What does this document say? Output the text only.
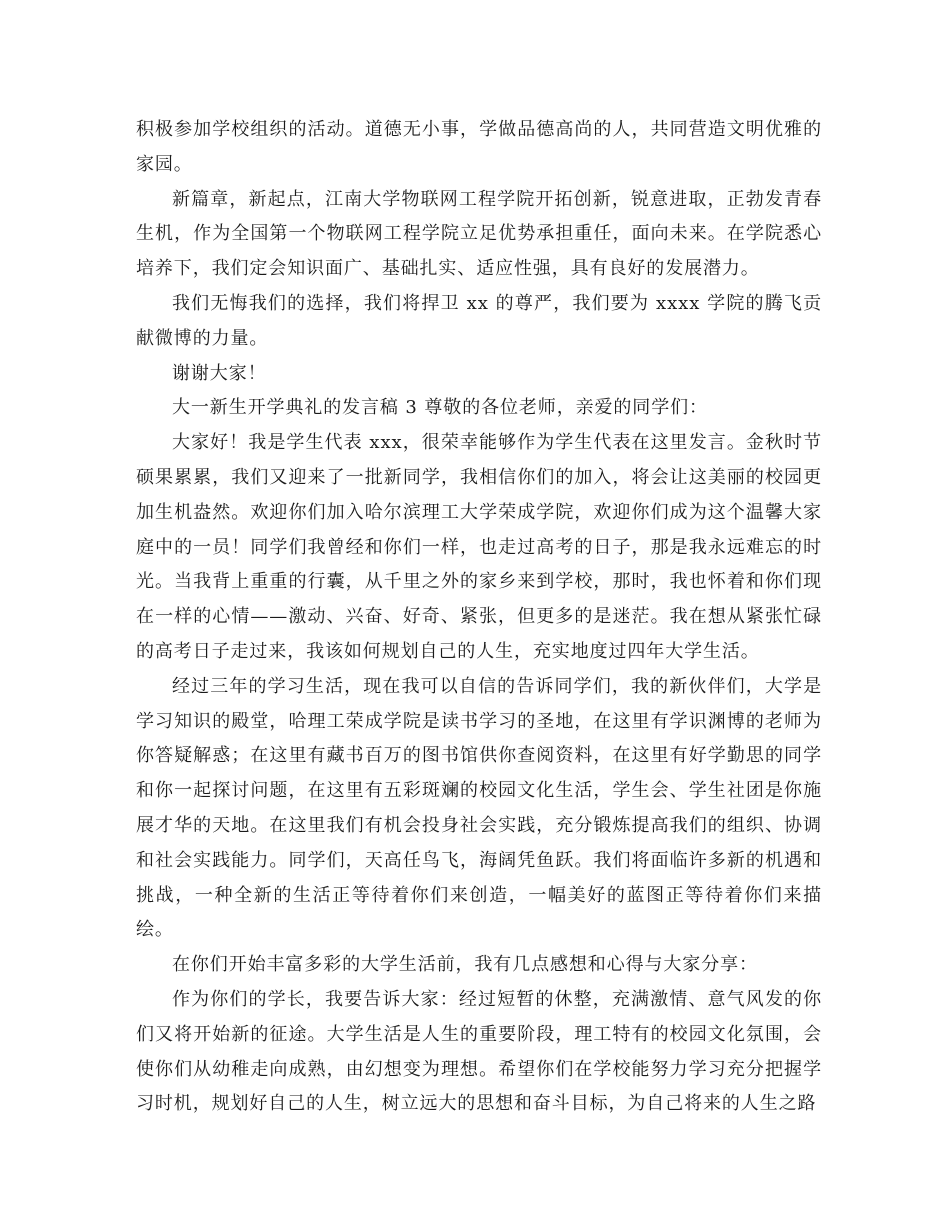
积极参加学校组织的活动。道德无小事，学做品德高尚的人，共同营造文明优雅的家园。

新篇章，新起点，江南大学物联网工程学院开拓创新，锐意进取，正勃发青春生机，作为全国第一个物联网工程学院立足优势承担重任，面向未来。在学院悉心培养下，我们定会知识面广、基础扎实、适应性强，具有良好的发展潜力。

我们无悔我们的选择，我们将捍卫 xx 的尊严，我们要为 xxxx 学院的腾飞贡献微博的力量。

谢谢大家！

大一新生开学典礼的发言稿 3 尊敬的各位老师，亲爱的同学们：

大家好！我是学生代表 xxx，很荣幸能够作为学生代表在这里发言。金秋时节硕果累累，我们又迎来了一批新同学，我相信你们的加入，将会让这美丽的校园更加生机盎然。欢迎你们加入哈尔滨理工大学荣成学院，欢迎你们成为这个温馨大家庭中的一员！同学们我曾经和你们一样，也走过高考的日子，那是我永远难忘的时光。当我背上重重的行囊，从千里之外的家乡来到学校，那时，我也怀着和你们现在一样的心情——激动、兴奋、好奇、紧张，但更多的是迷茫。我在想从紧张忙碌的高考日子走过来，我该如何规划自己的人生，充实地度过四年大学生活。

经过三年的学习生活，现在我可以自信的告诉同学们，我的新伙伴们，大学是学习知识的殿堂，哈理工荣成学院是读书学习的圣地，在这里有学识渊博的老师为你答疑解惑；在这里有藏书百万的图书馆供你查阅资料，在这里有好学勤思的同学和你一起探讨问题，在这里有五彩斑斓的校园文化生活，学生会、学生社团是你施展才华的天地。在这里我们有机会投身社会实践，充分锻炼提高我们的组织、协调和社会实践能力。同学们，天高任鸟飞，海阔凭鱼跃。我们将面临许多新的机遇和挑战，一种全新的生活正等待着你们来创造，一幅美好的蓝图正等待着你们来描绘。

在你们开始丰富多彩的大学生活前，我有几点感想和心得与大家分享：

作为你们的学长，我要告诉大家：经过短暂的休整，充满激情、意气风发的你们又将开始新的征途。大学生活是人生的重要阶段，理工特有的校园文化氛围，会使你们从幼稚走向成熟，由幻想变为理想。希望你们在学校能努力学习充分把握学习时机，规划好自己的人生，树立远大的思想和奋斗目标，为自己将来的人生之路
